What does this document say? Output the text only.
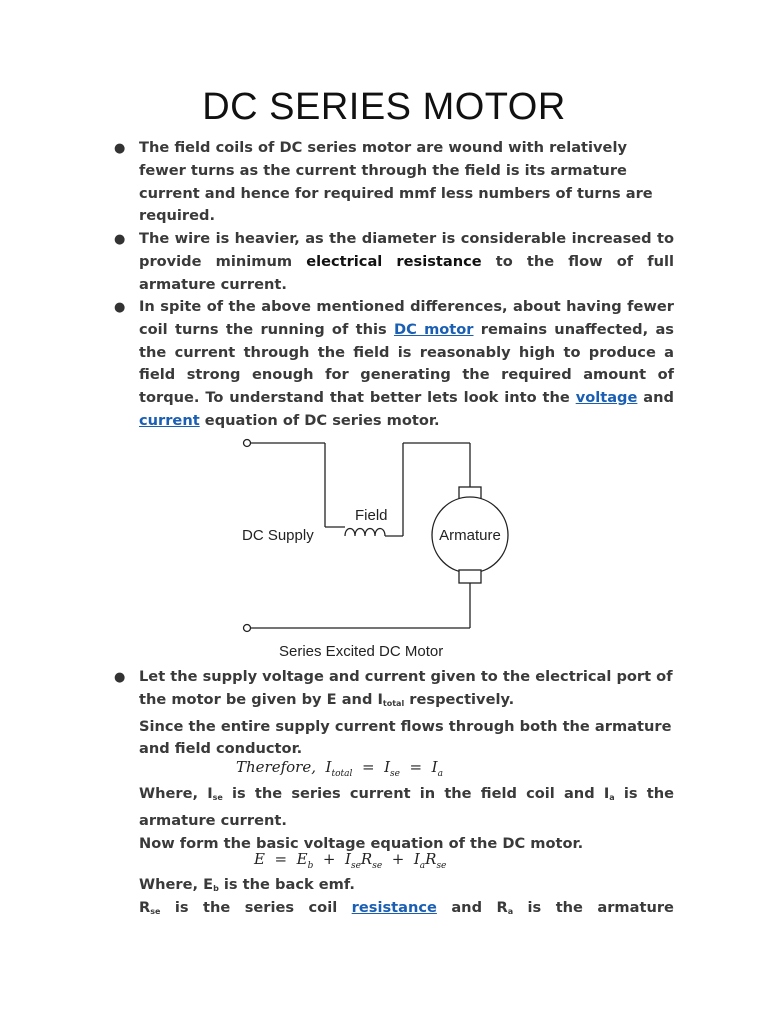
DC SERIES MOTOR
● The field coils of DC series motor are wound with relatively fewer turns as the current through the field is its armature current and hence for required mmf less numbers of turns are required.

● The wire is heavier, as the diameter is considerable increased to provide minimum electrical resistance to the flow of full armature current.

● In spite of the above mentioned differences, about having fewer coil turns the running of this DC motor remains unaffected, as the current through the field is reasonably high to produce a field strong enough for generating the required amount of torque. To understand that better lets look into the voltage and current equation of DC series motor.

Field
DC Supply	Armature
Series Excited DC Motor
● Let the supply voltage and current given to the electrical port of the motor be given by E and $I_{total}$ respectively.
Since the entire supply current flows through both the armature and field conductor.

Therefore, $I_{total} = I_{se} = I_a$

Where, $I_{se}$ is the series current in the field coil and $I_a$ is the armature current.
Now form the basic voltage equation of the DC motor.

$E = E_b + I_{se}R_{se} + I_aR_{se}$

Where, $E_b$ is the back emf.

$R_{se}$ is the series coil resistance and $R_a$ is the armature
